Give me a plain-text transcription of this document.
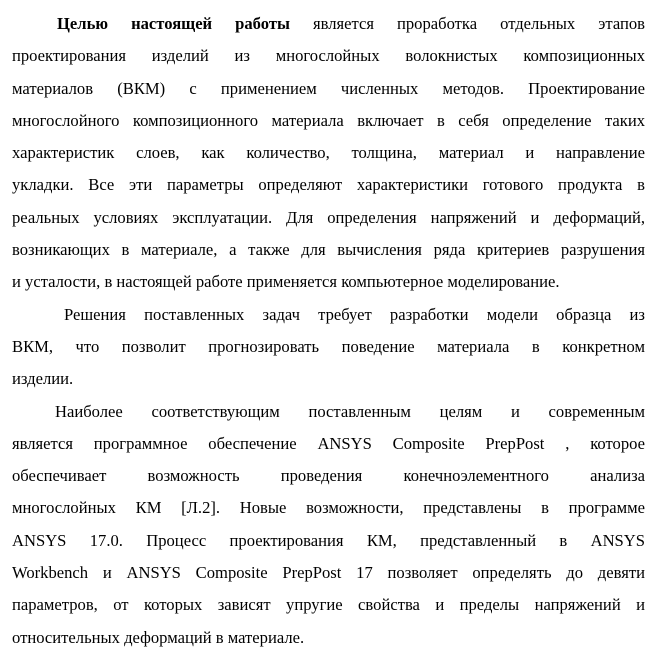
Целью настоящей работы является проработка отдельных этапов
проектирования изделий из многослойных волокнистых композиционных
материалов (ВКМ) с применением численных методов. Проектирование
многослойного композиционного материала включает в себя определение таких
характеристик слоев, как количество, толщина, материал и направление
укладки. Все эти параметры определяют характеристики готового продукта в
реальных условиях эксплуатации. Для определения напряжений и деформаций,
возникающих в материале, а также для вычисления ряда критериев разрушения
и усталости, в настоящей работе применяется компьютерное моделирование.
Решения поставленных задач требует разработки модели образца из
ВКМ, что позволит прогнозировать поведение материала в конкретном
изделии.
Наиболее соответствующим поставленным целям и современным
является программное обеспечение ANSYS Composite PrepPost , которое
обеспечивает возможность проведения конечноэлементного анализа
многослойных КМ [Л.2]. Новые возможности, представлены в программе
ANSYS 17.0. Процесс проектирования КМ, представленный в ANSYS
Workbench и ANSYS Composite PrepPost 17 позволяет определять до девяти
параметров, от которых зависят упругие свойства и пределы напряжений и
относительных деформаций в материале.
